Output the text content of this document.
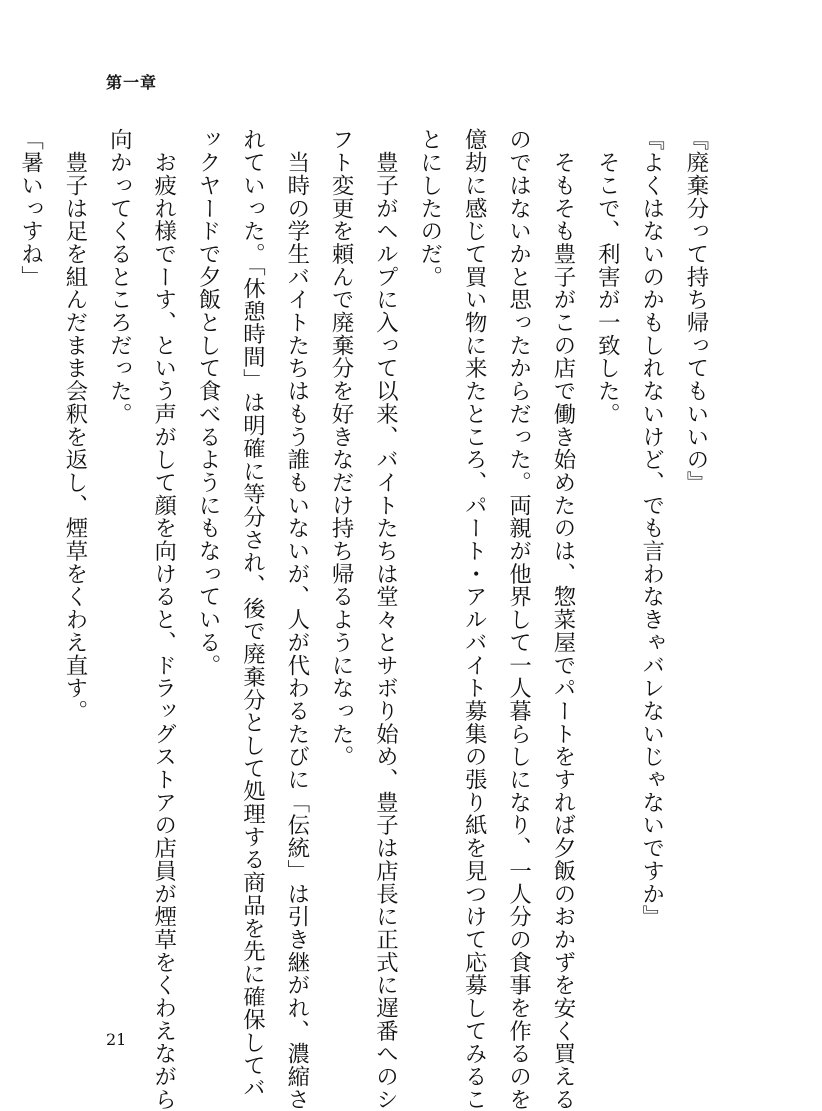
第一章
『廃棄分って持ち帰ってもいいの』
『よくはないのかもしれないけど、でも言わなきゃバレないじゃないですか』
　そこで、利害が一致した。
　そもそも豊子がこの店で働き始めたのは、惣菜屋でパートをすれば夕飯のおかずを安く買える
のではないかと思ったからだった。両親が他界して一人暮らしになり、一人分の食事を作るのを
億劫に感じて買い物に来たところ、パート・アルバイト募集の張り紙を見つけて応募してみるこ
とにしたのだ。
　豊子がヘルプに入って以来、バイトたちは堂々とサボり始め、豊子は店長に正式に遅番へのシ
フト変更を頼んで廃棄分を好きなだけ持ち帰るようになった。
　当時の学生バイトたちはもう誰もいないが、人が代わるたびに「伝統」は引き継がれ、濃縮さ
れていった。「休憩時間」は明確に等分され、後で廃棄分として処理する商品を先に確保してバ
ックヤードで夕飯として食べるようにもなっている。
　お疲れ様でーす、という声がして顔を向けると、ドラッグストアの店員が煙草をくわえながら
向かってくるところだった。
　豊子は足を組んだまま会釈を返し、煙草をくわえ直す。
「暑いっすね」
21
